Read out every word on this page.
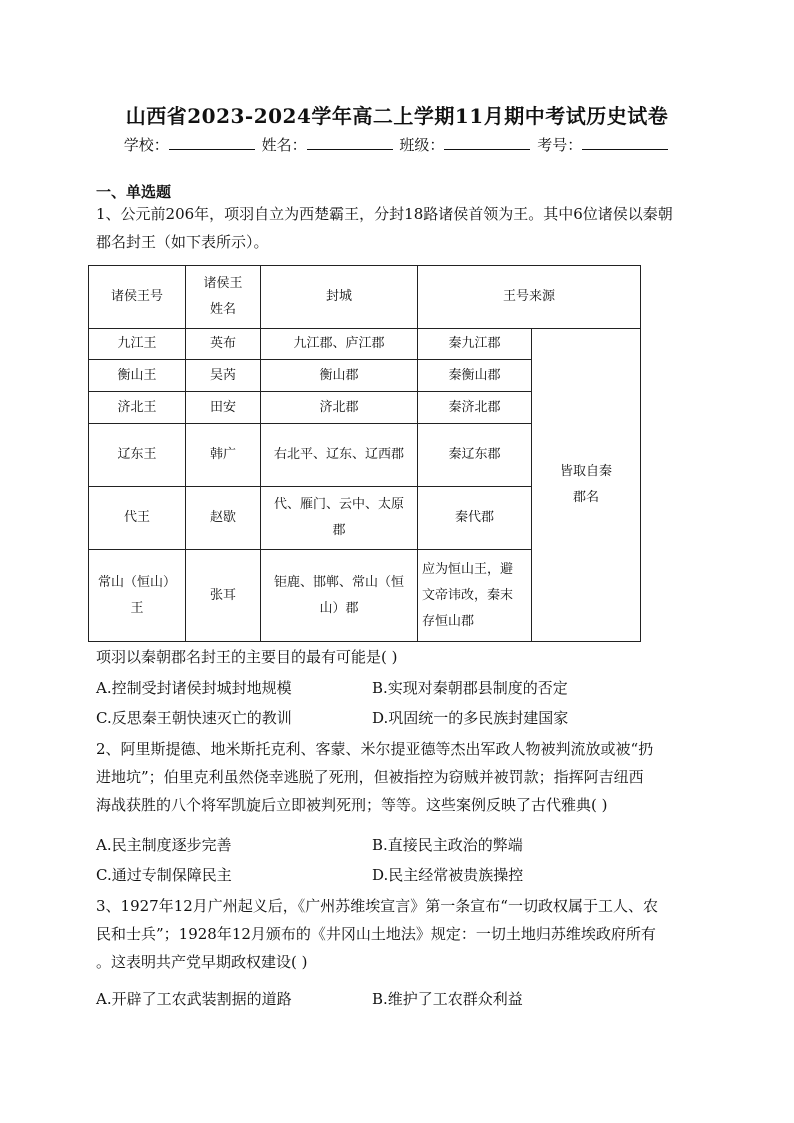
山西省2023-2024学年高二上学期11月期中考试历史试卷
学校：	姓名：	班级：	考号：
一、单选题
1、公元前206年，项羽自立为西楚霸王，分封18路诸侯首领为王。其中6位诸侯以秦朝
郡名封王（如下表所示）。
诸侯王号	诸侯王姓名	封城	王号来源	
九江王	英布	九江郡、庐江郡	秦九江郡	皆取自秦郡名
衡山王	吴芮	衡山郡	秦衡山郡	
济北王	田安	济北郡	秦济北郡	
辽东王	韩广	右北平、辽东、辽西郡	秦辽东郡	
代王	赵歇	代、雁门、云中、太原郡	秦代郡	
常山（恒山）王	张耳	钜鹿、邯郸、常山（恒山）郡	应为恒山王，避文帝讳改，秦末存恒山郡	
项羽以秦朝郡名封王的主要目的最有可能是( )
A.控制受封诸侯封城封地规模	B.实现对秦朝郡县制度的否定
C.反思秦王朝快速灭亡的教训	D.巩固统一的多民族封建国家
2、阿里斯提德、地米斯托克利、客蒙、米尔提亚德等杰出军政人物被判流放或被“扔
进地坑”；伯里克利虽然侥幸逃脱了死刑，但被指控为窃贼并被罚款；指挥阿吉纽西
海战获胜的八个将军凯旋后立即被判死刑；等等。这些案例反映了古代雅典( )
A.民主制度逐步完善	B.直接民主政治的弊端
C.通过专制保障民主	D.民主经常被贵族操控
3、1927年12月广州起义后，《广州苏维埃宣言》第一条宣布“一切政权属于工人、农
民和士兵”；1928年12月颁布的《井冈山土地法》规定：一切土地归苏维埃政府所有
。这表明共产党早期政权建设( )
A.开辟了工农武装割据的道路	B.维护了工农群众利益
